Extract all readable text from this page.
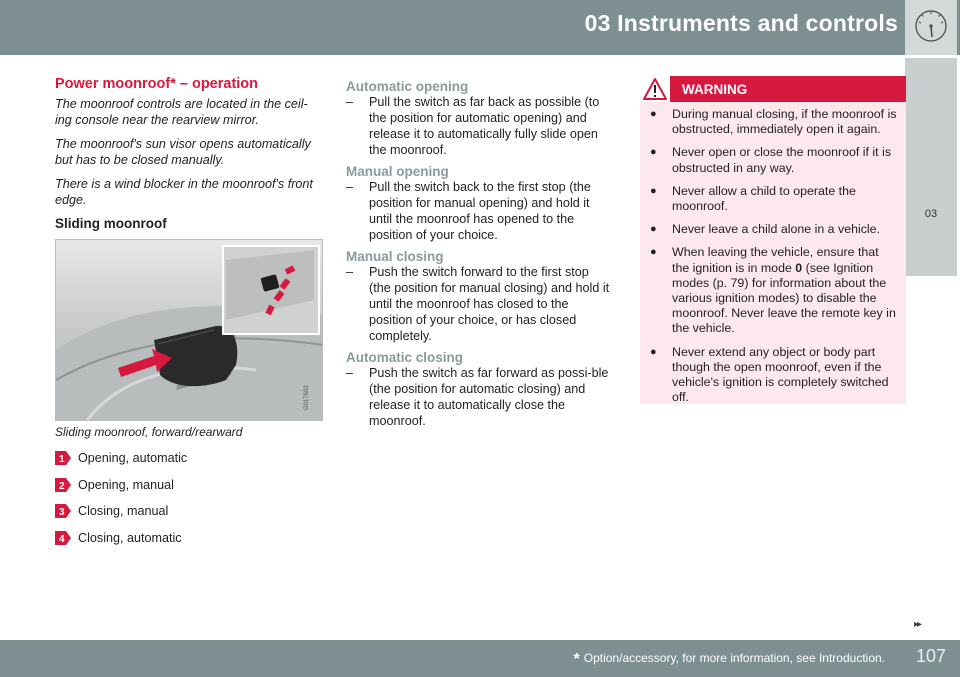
03 Instruments and controls
03
Power moonroof* – operation
The moonroof controls are located in the ceil-ing console near the rearview mirror.
The moonroof's sun visor opens automatically but has to be closed manually.
There is a wind blocker in the moonroof's front edge.
Sliding moonroof
G017603
Sliding moonroof, forward/rearward
1 Opening, automatic
2 Opening, manual
3 Closing, manual
4 Closing, automatic
Automatic opening
–	Pull the switch as far back as possible (to the position for automatic opening) and release it to automatically fully slide open the moonroof.
Manual opening
–	Pull the switch back to the first stop (the position for manual opening) and hold it until the moonroof has opened to the position of your choice.
Manual closing
–	Push the switch forward to the first stop (the position for manual closing) and hold it until the moonroof has closed to the position of your choice, or has closed completely.
Automatic closing
–	Push the switch as far forward as possi-ble (the position for automatic closing) and release it to automatically close the moonroof.
WARNING
●	During manual closing, if the moonroof is obstructed, immediately open it again.
●	Never open or close the moonroof if it is obstructed in any way.
●	Never allow a child to operate the moonroof.
●	Never leave a child alone in a vehicle.
●	When leaving the vehicle, ensure that the ignition is in mode 0 (see Ignition modes (p. 79) for information about the various ignition modes) to disable the moonroof. Never leave the remote key in the vehicle.
●	Never extend any object or body part though the open moonroof, even if the vehicle's ignition is completely switched off.
▸▸
* Option/accessory, for more information, see Introduction. 107
